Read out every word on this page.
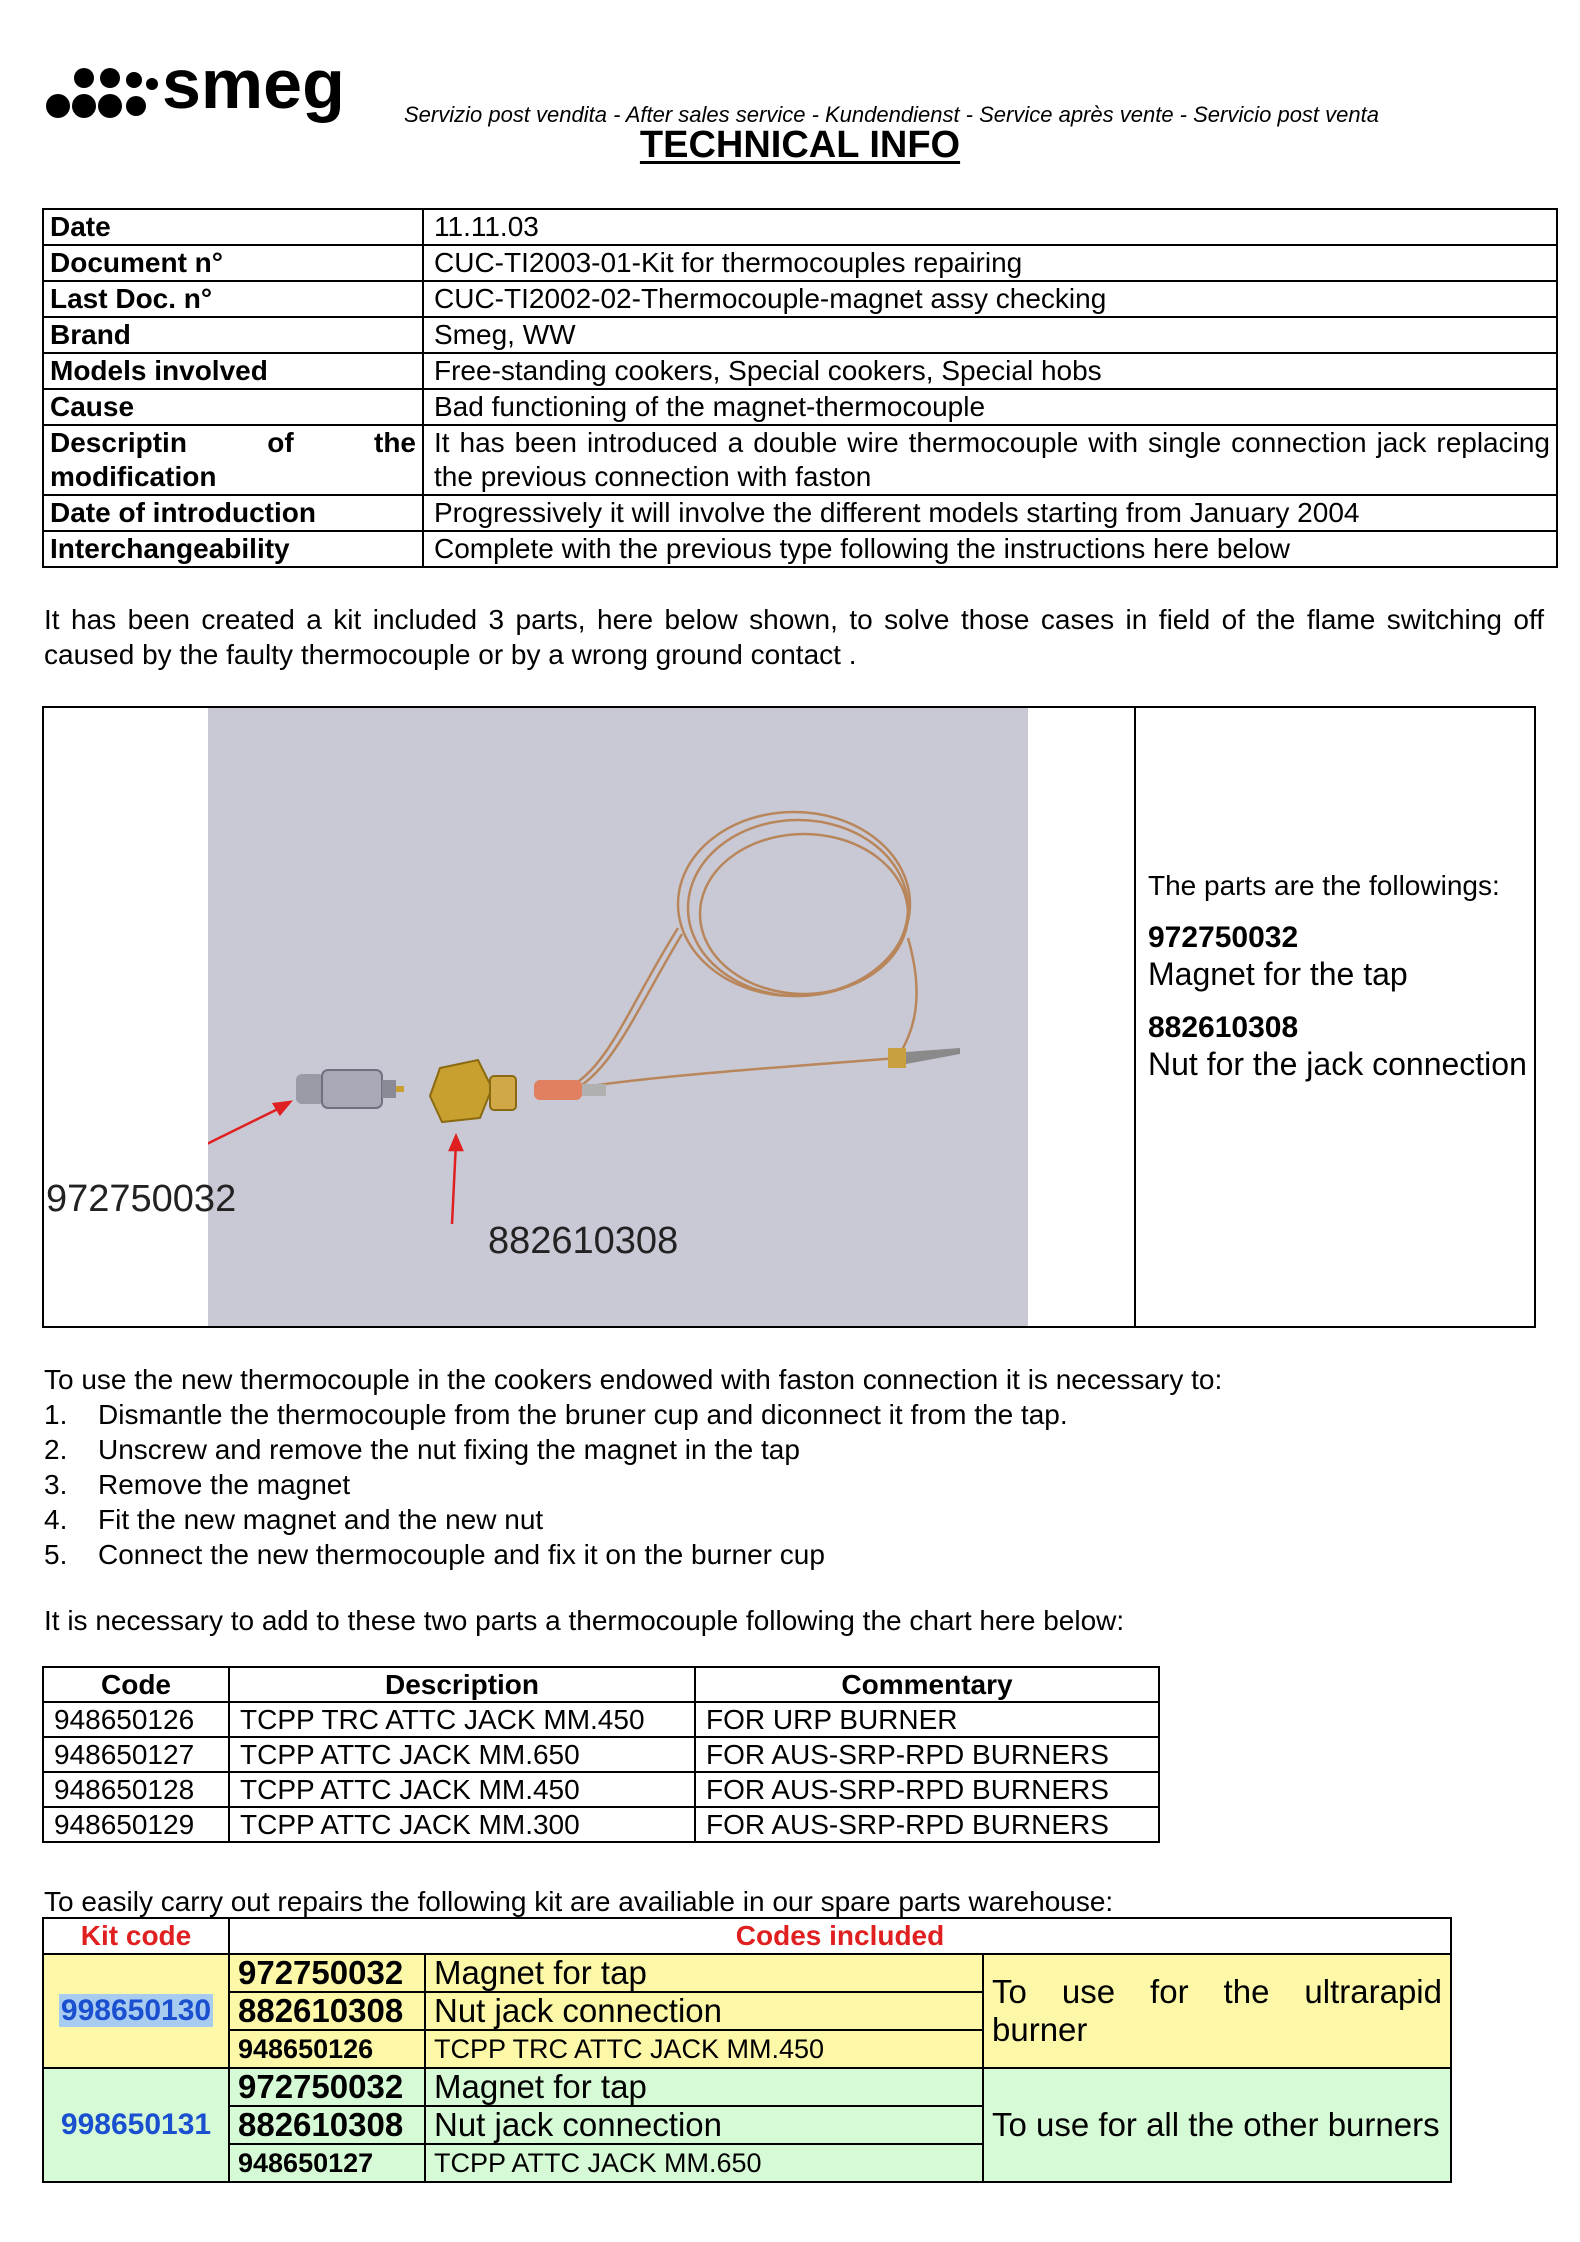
smeg	Servizio post vendita - After sales service - Kundendienst - Service après vente - Servicio post venta
TECHNICAL INFO
Date	11.11.03
Document n°	CUC-TI2003-01-Kit for thermocouples repairing
Last Doc. n°	CUC-TI2002-02-Thermocouple-magnet assy checking
Brand	Smeg, WW
Models involved	Free-standing cookers, Special cookers, Special hobs
Cause	Bad functioning of the magnet-thermocouple

Descriptin of the
modification	It has been introduced a double wire thermocouple with single connection jack replacing the previous connection with faston
Date of introduction	Progressively it will involve the different models starting from January 2004
Interchangeability	Complete with the previous type following the instructions here below
It has been created a kit included 3 parts, here below shown, to solve those cases in field of the flame switching off caused by the faulty thermocouple or by a wrong ground contact .
882610308
972750032
The parts are the followings:
972750032
Magnet for the tap
882610308
Nut for the jack connection
To use the new thermocouple in the cookers endowed with faston connection it is necessary to:
1.	Dismantle the thermocouple from the bruner cup and diconnect it from the tap.
2.	Unscrew and remove the nut fixing the magnet in the tap
3.	Remove the magnet
4.	Fit the new magnet and the new nut
5.	Connect the new thermocouple and fix it on the burner cup
It is necessary to add to these two parts a thermocouple following the chart here below:
Code	Description	Commentary
948650126	TCPP TRC ATTC JACK MM.450	FOR URP BURNER
948650127	TCPP ATTC JACK MM.650	FOR AUS-SRP-RPD BURNERS
948650128	TCPP ATTC JACK MM.450	FOR AUS-SRP-RPD BURNERS
948650129	TCPP ATTC JACK MM.300	FOR AUS-SRP-RPD BURNERS
To easily carry out repairs the following kit are availiable in our spare parts warehouse:
Kit code	Codes included		
998650130	972750032	Magnet for tap	To use for the ultrarapid burner
	882610308	Nut jack connection	
	948650126	TCPP TRC ATTC JACK MM.450	
998650131	972750032	Magnet for tap	To use for all the other burners
	882610308	Nut jack connection	
	948650127	TCPP ATTC JACK MM.650	
